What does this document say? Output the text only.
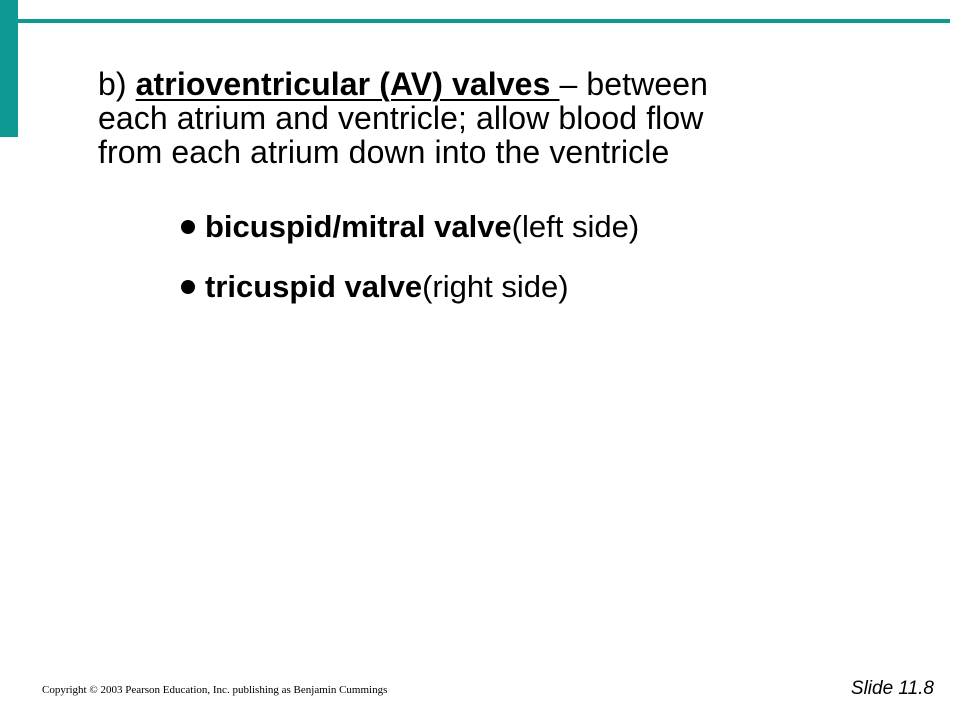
b) atrioventricular (AV) valves – between
each atrium and ventricle; allow blood flow
from each atrium down into the ventricle
bicuspid/mitral valve (left side)
tricuspid valve (right side)
Copyright © 2003 Pearson Education, Inc. publishing as Benjamin Cummings	Slide 11.8
